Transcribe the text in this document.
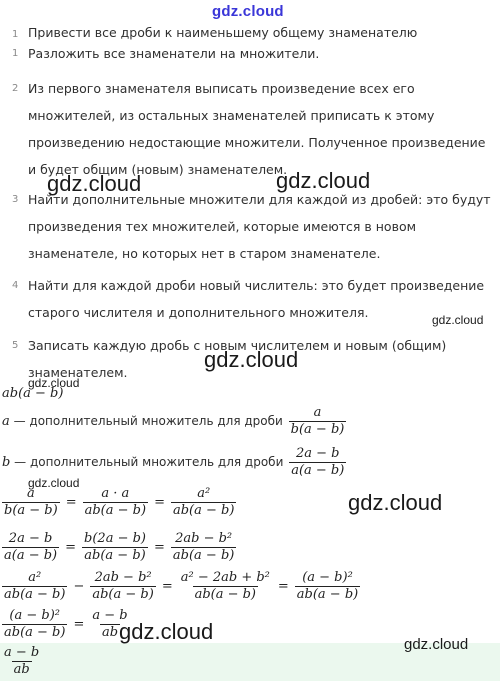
gdz.cloud
1 Привести все дроби к наименьшему общему знаменателю
1 Разложить все знаменатели на множители.
2 Из первого знаменателя выписать произведение всех его множителей, из остальных знаменателей приписать к этому произведению недостающие множители. Полученное произведение и будет общим (новым) знаменателем.
3 Найти дополнительные множители для каждой из дробей: это будут произведения тех множителей, которые имеются в новом знаменателе, но которых нет в старом знаменателе.
4 Найти для каждой дроби новый числитель: это будет произведение старого числителя и дополнительного множителя.
5 Записать каждую дробь с новым числителем и новым (общим) знаменателем.
ab(a − b)
a — дополнительный множитель для дроби $\frac{a}{b(a - b)}$
b — дополнительный множитель для дроби $\frac{2a - b}{a(a - b)}$
$\frac{a}{b(a - b)} = \frac{a \cdot a}{ab(a - b)} = \frac{\text{a²}}{ab(a - b)}$
$\frac{2a - b}{a(a - b)} = \frac{b(2a - b)}{ab(a - b)} = \frac{\text{2ab − b²}}{ab(a - b)}$
$\frac{\text{a²}}{ab(a - b)} - \frac{\text{2ab − b²}}{ab(a - b)} = \frac{\text{a² − 2ab + b²}}{ab(a - b)} = \frac{\text{(a − b)²}}{ab(a - b)}$
$\frac{\text{(a − b)²}}{ab(a - b)} = \frac{a - b}{ab}$
$\frac{a - b}{ab}$
gdz.cloud	gdz.cloud
gdz.cloud
gdz.cloud
gdz.cloud
gdz.cloud
gdz.cloud
gdz.cloud
gdz.cloud
